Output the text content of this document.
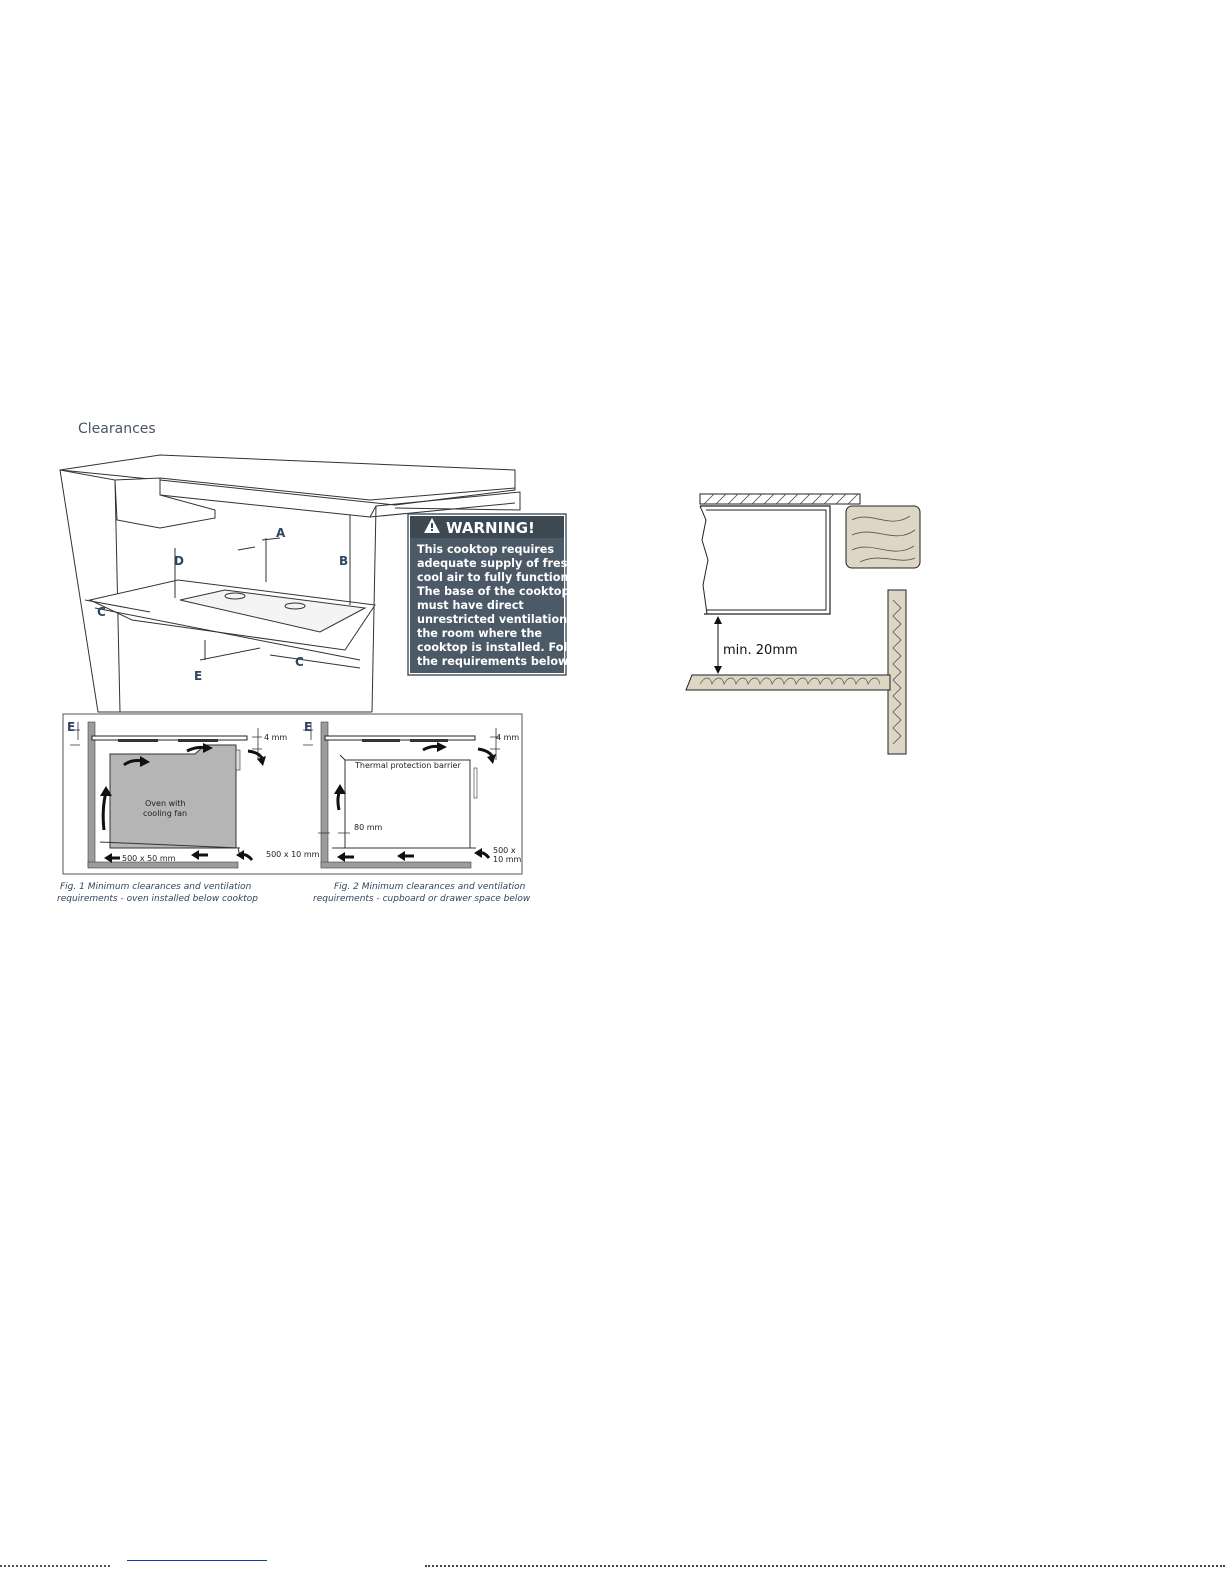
Clearances
A
B
C
C
D
E
WARNING!
This cooktop requires
adequate supply of fresh,
cool air to fully function.
The base of the cooktop
must have direct
unrestricted ventilation to
the room where the
cooktop is installed. Follow
the requirements below.
E
4 mm
Oven with
cooling fan
500 x 50 mm	500 x 10 mm
Fig. 1 Minimum clearances and ventilation
requirements - oven installed below cooktop
E
4 mm
Thermal protection barrier
80 mm
500 x
10 mm
Fig. 2 Minimum clearances and ventilation
requirements - cupboard or drawer space below
min. 20mm
